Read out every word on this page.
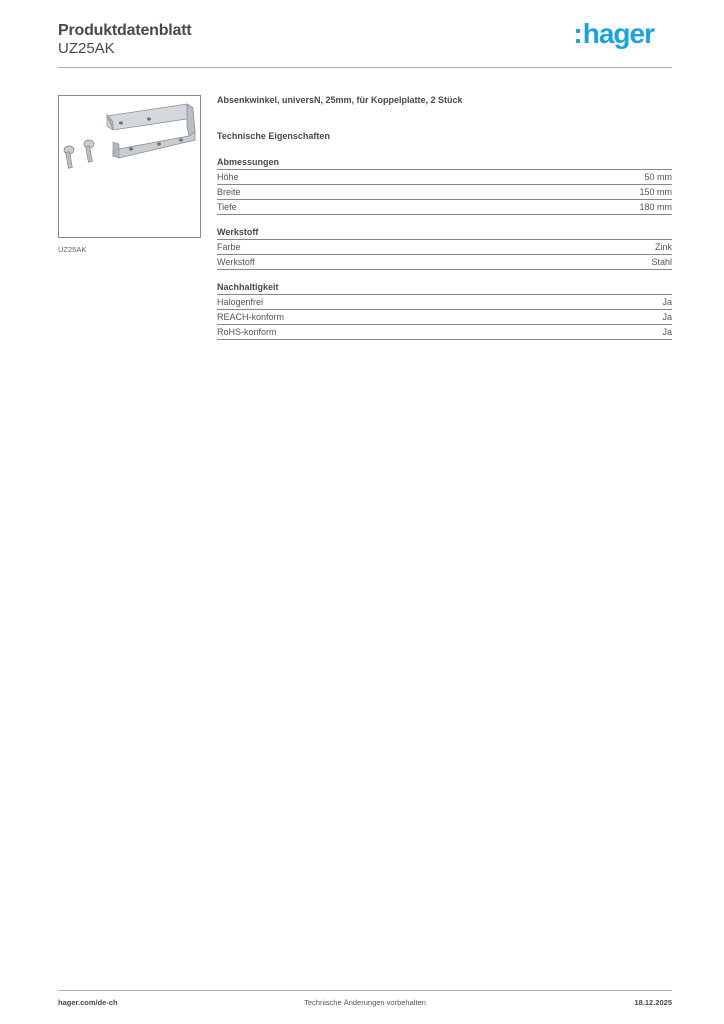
Produktdatenblatt
UZ25AK	:hager
UZ25AK
Absenkwinkel, universN, 25mm, für Koppelplatte, 2 Stück
Technische Eigenschaften
Abmessungen
Höhe	50 mm
Breite	150 mm
Tiefe	180 mm
Werkstoff
Farbe	Zink
Werkstoff	Stahl
Nachhaltigkeit
Halogenfrei	Ja
REACH-konform	Ja
RoHS-konform	Ja
hager.com/de-ch	Technische Änderungen vorbehalten	18.12.2025
